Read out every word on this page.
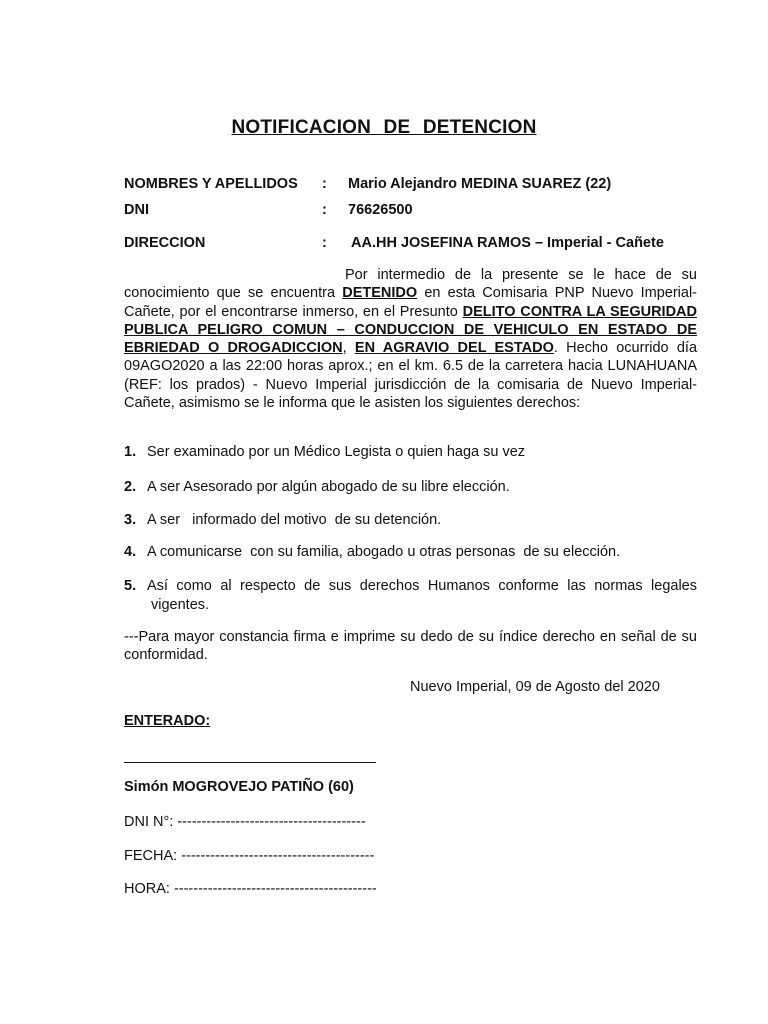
NOTIFICACION DE DETENCION
NOMBRES Y APELLIDOS : Mario Alejandro MEDINA SUAREZ (22)
DNI	: 76626500
DIRECCION	: AA.HH JOSEFINA RAMOS – Imperial - Cañete
Por intermedio de la presente se le hace de su conocimiento que se encuentra DETENIDO en esta Comisaria PNP Nuevo Imperial-Cañete, por el encontrarse inmerso, en el Presunto DELITO CONTRA LA SEGURIDAD PUBLICA PELIGRO COMUN – CONDUCCION DE VEHICULO EN ESTADO DE EBRIEDAD O DROGADICCION, EN AGRAVIO DEL ESTADO. Hecho ocurrido día 09AGO2020 a las 22:00 horas aprox.; en el km. 6.5 de la carretera hacia LUNAHUANA (REF: los prados) - Nuevo Imperial jurisdicción de la comisaria de Nuevo Imperial-Cañete, asimismo se le informa que le asisten los siguientes derechos:
1. Ser examinado por un Médico Legista o quien haga su vez
2. A ser Asesorado por algún abogado de su libre elección.
3. A ser   informado del motivo  de su detención.
4. A comunicarse  con su familia, abogado u otras personas  de su elección.
5. Así como al respecto de sus derechos Humanos conforme las normas legales
vigentes.
---Para mayor constancia firma e imprime su dedo de su índice derecho en señal de su conformidad.
Nuevo Imperial, 09 de Agosto del 2020
ENTERADO:
Simón MOGROVEJO PATIÑO (60)
DNI N°: ---------------------------------------
FECHA: ----------------------------------------
HORA: ------------------------------------------
